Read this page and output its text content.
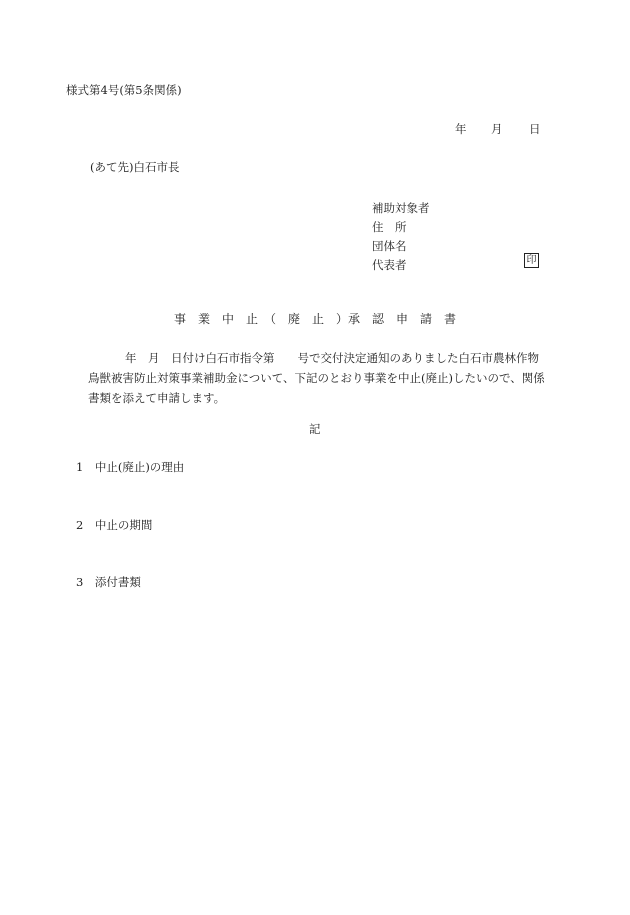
様式第4号(第5条関係)
年 月 日
(あて先)白石市長
補助対象者
住　所
団体名
代表者	印
事　業　中　止　（　廃　止　）承　認　申　請　書

年　月　日付け白石市指令第　　号で交付決定通知のありました白石市農林作物

鳥獣被害防止対策事業補助金について、下記のとおり事業を中止(廃止)したいので、関係

書類を添えて申請します。

記
1　 中止(廃止)の理由
2　 中止の期間
3　 添付書類
